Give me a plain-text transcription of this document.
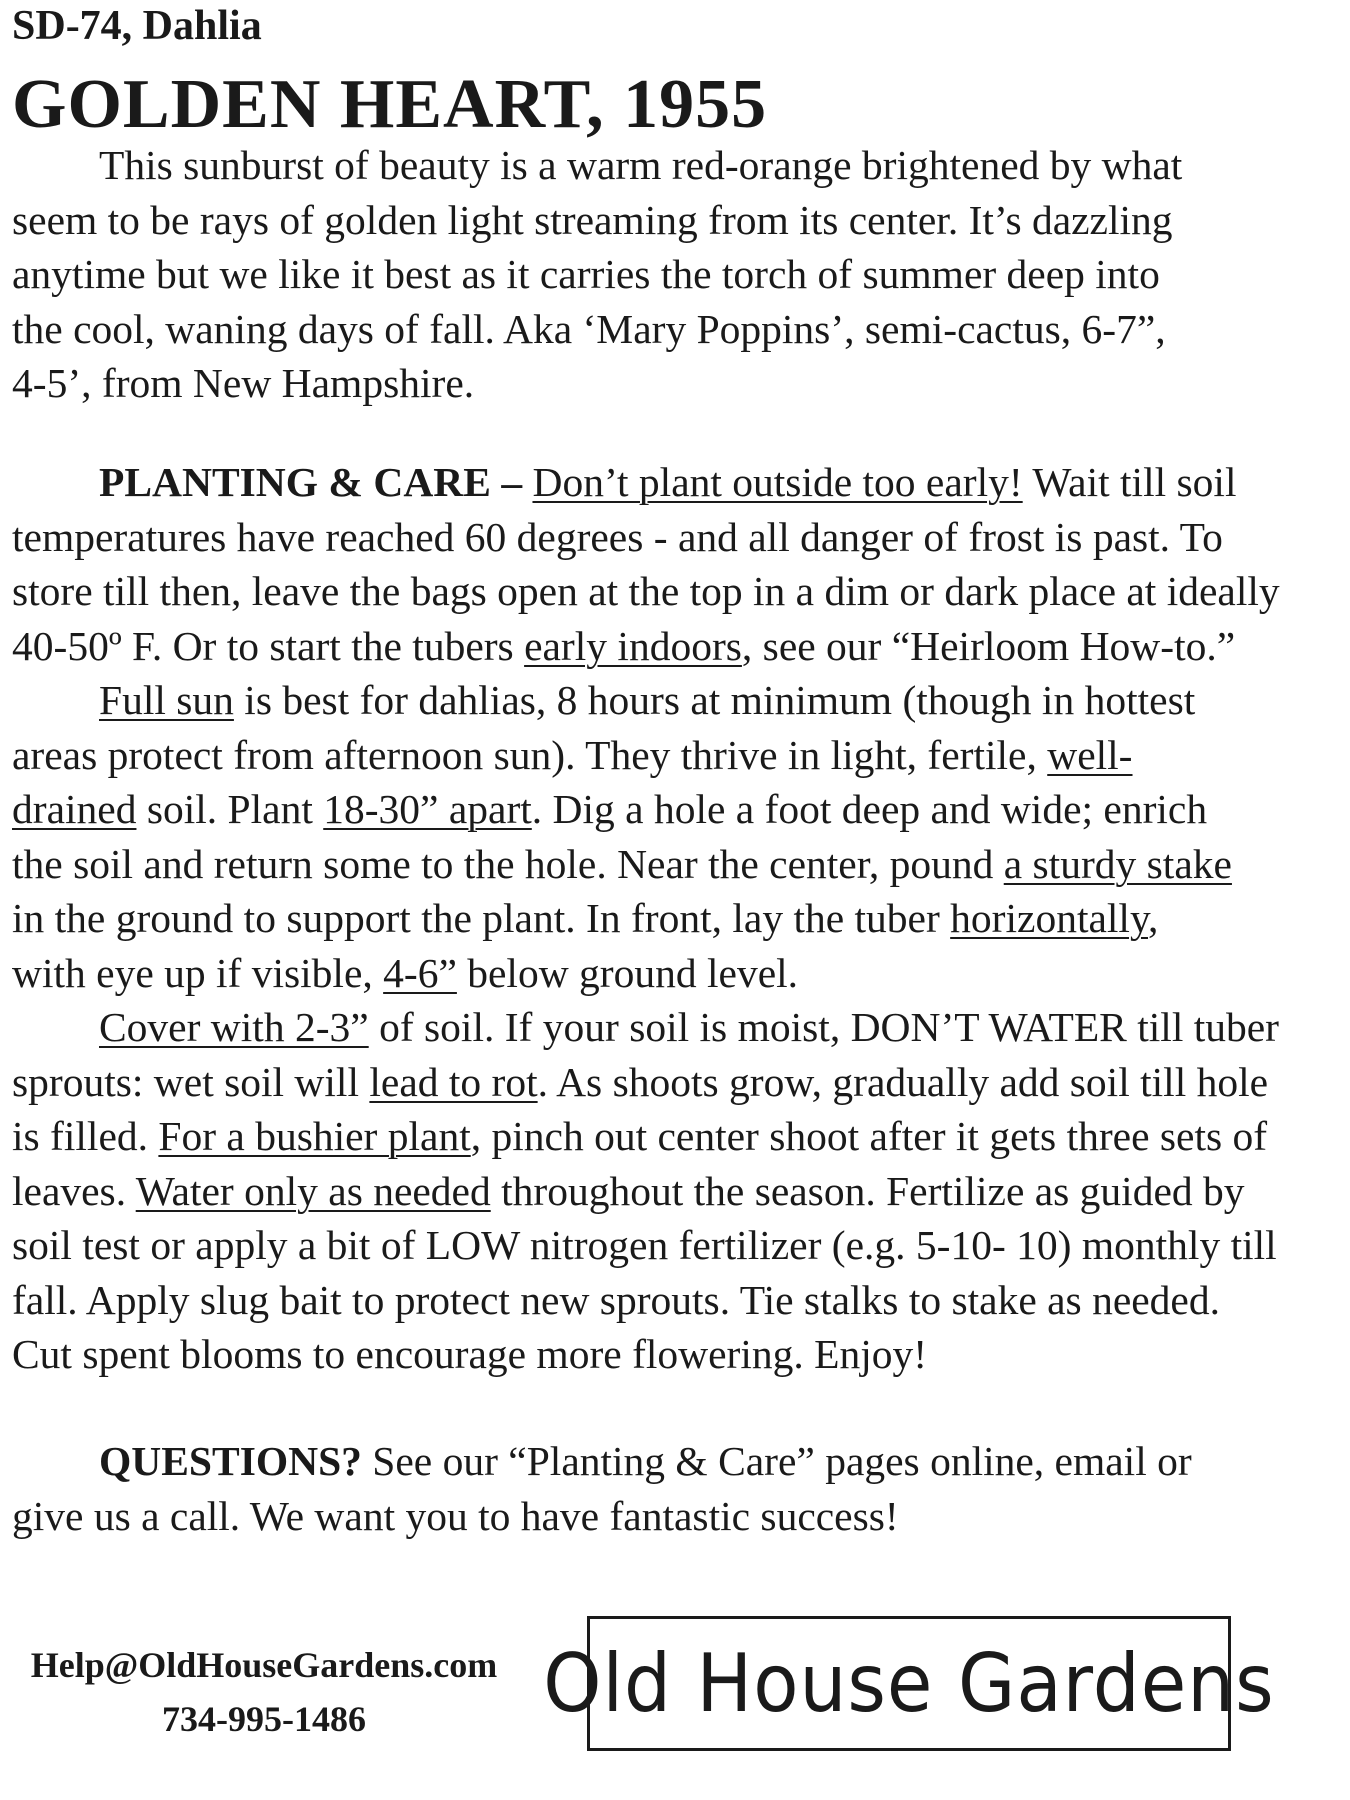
SD-74, Dahlia
GOLDEN HEART, 1955
This sunburst of beauty is a warm red-orange brightened by what
seem to be rays of golden light streaming from its center. It’s dazzling
anytime but we like it best as it carries the torch of summer deep into
the cool, waning days of fall. Aka ‘Mary Poppins’, semi-cactus, 6-7”,
4-5’, from New Hampshire.
PLANTING & CARE – Don’t plant outside too early! Wait till soil
temperatures have reached 60 degrees - and all danger of frost is past. To
store till then, leave the bags open at the top in a dim or dark place at ideally
40-50º F. Or to start the tubers early indoors, see our “Heirloom How-to.”
Full sun is best for dahlias, 8 hours at minimum (though in hottest
areas protect from afternoon sun). They thrive in light, fertile, well-
drained soil. Plant 18-30” apart. Dig a hole a foot deep and wide; enrich
the soil and return some to the hole. Near the center, pound a sturdy stake
in the ground to support the plant. In front, lay the tuber horizontally,
with eye up if visible, 4-6” below ground level.
Cover with 2-3” of soil. If your soil is moist, DON’T WATER till tuber
sprouts: wet soil will lead to rot. As shoots grow, gradually add soil till hole
is filled. For a bushier plant, pinch out center shoot after it gets three sets of
leaves. Water only as needed throughout the season. Fertilize as guided by
soil test or apply a bit of LOW nitrogen fertilizer (e.g. 5-10- 10) monthly till
fall. Apply slug bait to protect new sprouts. Tie stalks to stake as needed.
Cut spent blooms to encourage more flowering. Enjoy!
QUESTIONS? See our “Planting & Care” pages online, email or
give us a call. We want you to have fantastic success!
Help@OldHouseGardens.com
734-995-1486	Old House Gardens
